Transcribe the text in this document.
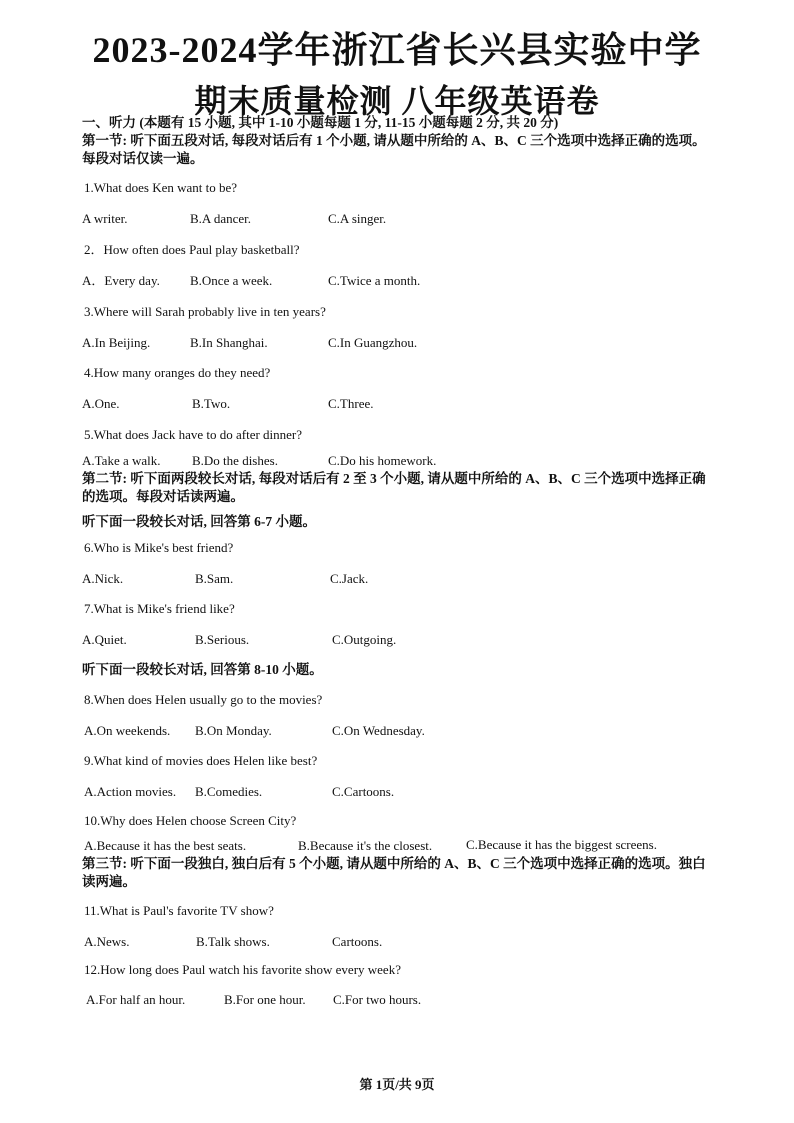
2023-2024学年浙江省长兴县实验中学
期末质量检测 八年级英语卷
一、听力 (本题有 15 小题, 其中 1-10 小题每题 1 分, 11-15 小题每题 2 分, 共 20 分)
第一节: 听下面五段对话, 每段对话后有 1 个小题, 请从题中所给的 A、B、C 三个选项中选择正确的选项。每段对话仅读一遍。
1.What does Ken want to be?
A writer.	B.A dancer.	C.A singer.
2．How often does Paul play basketball?
A．Every day. B.Once a week.	C.Twice a month.
3.Where will Sarah probably live in ten years?
A.In Beijing.	B.In Shanghai.	C.In Guangzhou.
4.How many oranges do they need?
A.One.	B.Two.	C.Three.
5.What does Jack have to do after dinner?
A.Take a walk. B.Do the dishes.	C.Do his homework.
第二节: 听下面两段较长对话, 每段对话后有 2 至 3 个小题, 请从题中所给的 A、B、C 三个选项中选择正确的选项。每段对话读两遍。
听下面一段较长对话, 回答第 6-7 小题。
6.Who is Mike's best friend?
A.Nick.	B.Sam.	C.Jack.
7.What is Mike's friend like?
A.Quiet.	B.Serious.	C.Outgoing.
听下面一段较长对话, 回答第 8-10 小题。
8.When does Helen usually go to the movies?
A.On weekends. B.On Monday.	C.On Wednesday.
9.What kind of movies does Helen like best?
A.Action movies. B.Comedies.	C.Cartoons.
10.Why does Helen choose Screen City?
A.Because it has the best seats.	B.Because it's the closest.	C.Because it has the biggest screens.
第三节: 听下面一段独白, 独白后有 5 个小题, 请从题中所给的 A、B、C 三个选项中选择正确的选项。独白读两遍。
11.What is Paul's favorite TV show?
A.News.	B.Talk shows.	Cartoons.
12.How long does Paul watch his favorite show every week?
A.For half an hour.	B.For one hour. C.For two hours.
第 1页/共 9页
